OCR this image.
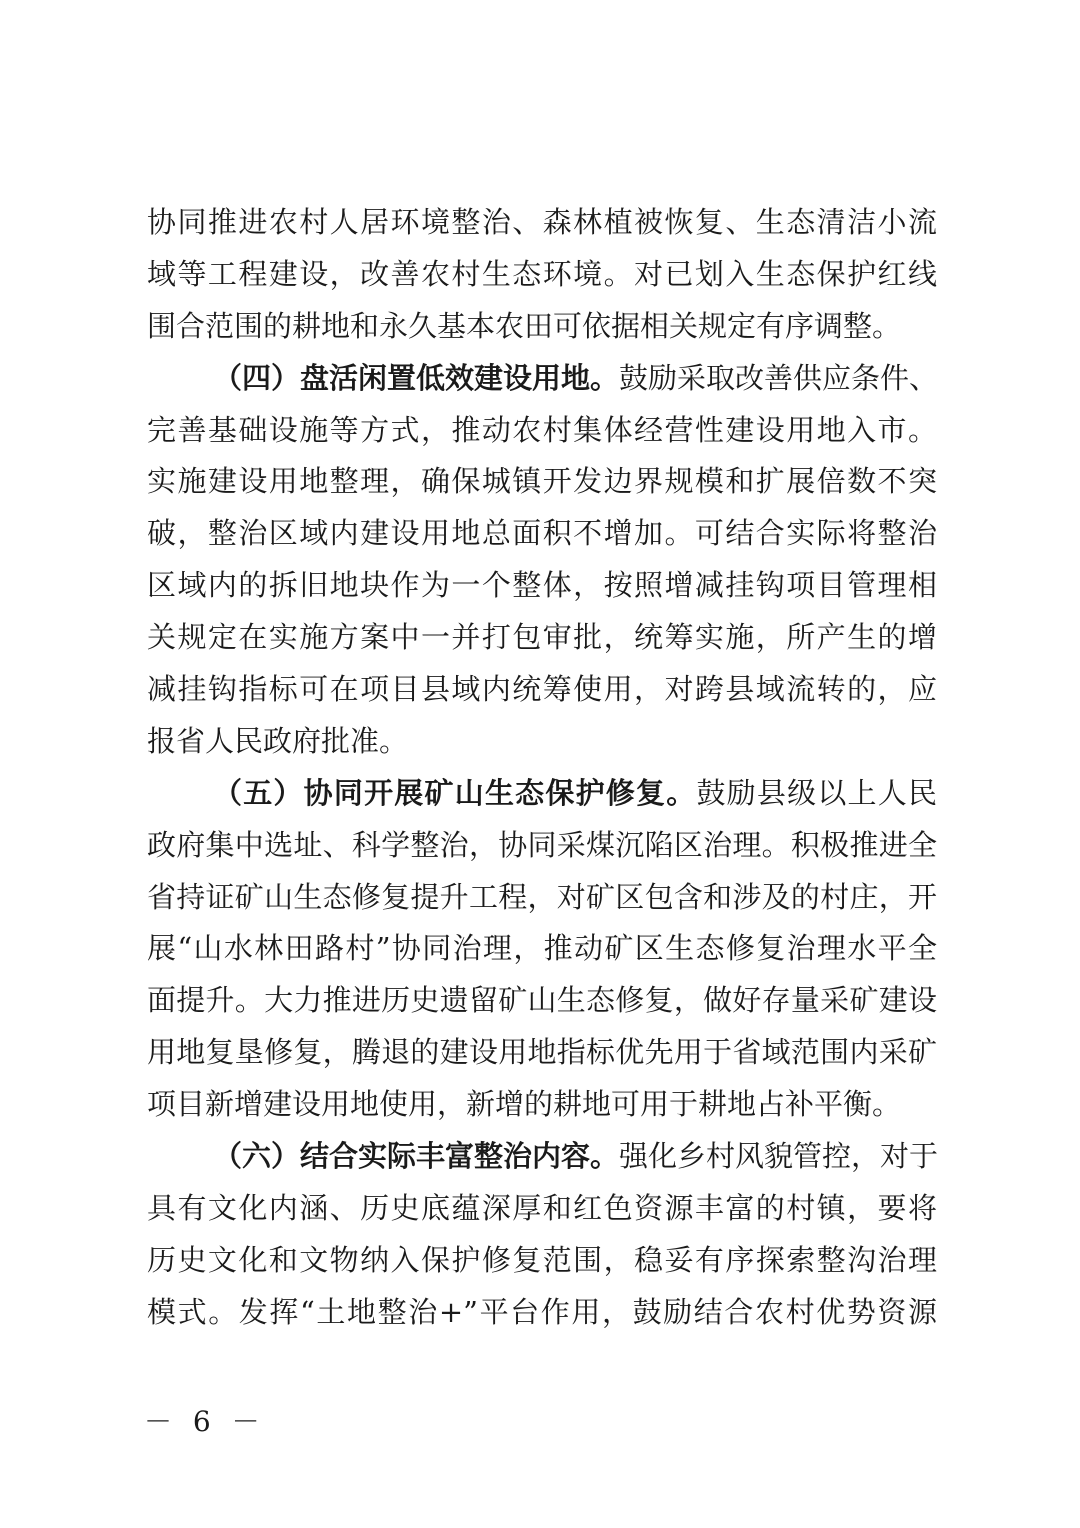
协同推进农村人居环境整治、森林植被恢复、生态清洁小流
域等工程建设，改善农村生态环境。对已划入生态保护红线
围合范围的耕地和永久基本农田可依据相关规定有序调整。
（四）盘活闲置低效建设用地。鼓励采取改善供应条件、
完善基础设施等方式，推动农村集体经营性建设用地入市。
实施建设用地整理，确保城镇开发边界规模和扩展倍数不突
破，整治区域内建设用地总面积不增加。可结合实际将整治
区域内的拆旧地块作为一个整体，按照增减挂钩项目管理相
关规定在实施方案中一并打包审批，统筹实施，所产生的增
减挂钩指标可在项目县域内统筹使用，对跨县域流转的，应
报省人民政府批准。
（五）协同开展矿山生态保护修复。鼓励县级以上人民
政府集中选址、科学整治，协同采煤沉陷区治理。积极推进全
省持证矿山生态修复提升工程，对矿区包含和涉及的村庄，开
展“山水林田路村”协同治理，推动矿区生态修复治理水平全
面提升。大力推进历史遗留矿山生态修复，做好存量采矿建设
用地复垦修复，腾退的建设用地指标优先用于省域范围内采矿
项目新增建设用地使用，新增的耕地可用于耕地占补平衡。
（六）结合实际丰富整治内容。强化乡村风貌管控，对于
具有文化内涵、历史底蕴深厚和红色资源丰富的村镇，要将
历史文化和文物纳入保护修复范围，稳妥有序探索整沟治理
模式。发挥“土地整治+”平台作用，鼓励结合农村优势资源
－ 6 －
